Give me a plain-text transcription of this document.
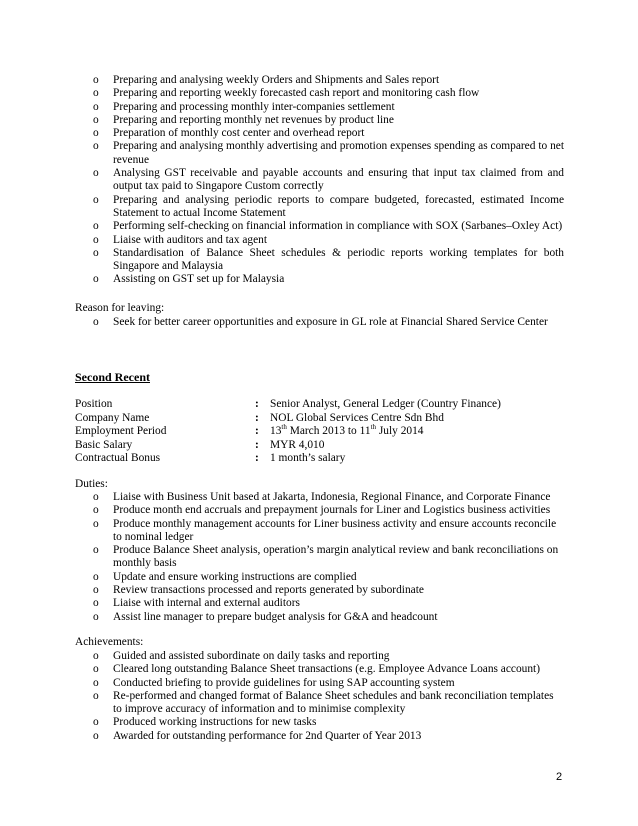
o Preparing and analysing weekly Orders and Shipments and Sales report
o Preparing and reporting weekly forecasted cash report and monitoring cash flow
o Preparing and processing monthly inter-companies settlement
o Preparing and reporting monthly net revenues by product line
o Preparation of monthly cost center and overhead report
o Preparing and analysing monthly advertising and promotion expenses spending as compared to net revenue
o Analysing GST receivable and payable accounts and ensuring that input tax claimed from and output tax paid to Singapore Custom correctly
o Preparing and analysing periodic reports to compare budgeted, forecasted, estimated Income Statement to actual Income Statement
o Performing self-checking on financial information in compliance with SOX (Sarbanes–Oxley Act)
o Liaise with auditors and tax agent
o Standardisation of Balance Sheet schedules & periodic reports working templates for both Singapore and Malaysia
o Assisting on GST set up for Malaysia
Reason for leaving:
o Seek for better career opportunities and exposure in GL role at Financial Shared Service Center
Second Recent
Position	: Senior Analyst, General Ledger (Country Finance)
Company Name	: NOL Global Services Centre Sdn Bhd
Employment Period	: 13th March 2013 to 11th July 2014
Basic Salary	: MYR 4,010
Contractual Bonus	: 1 month’s salary
Duties:
o Liaise with Business Unit based at Jakarta, Indonesia, Regional Finance, and Corporate Finance
o Produce month end accruals and prepayment journals for Liner and Logistics business activities
o Produce monthly management accounts for Liner business activity and ensure accounts reconcile to nominal ledger
o Produce Balance Sheet analysis, operation’s margin analytical review and bank reconciliations on monthly basis
o Update and ensure working instructions are complied
o Review transactions processed and reports generated by subordinate
o Liaise with internal and external auditors
o Assist line manager to prepare budget analysis for G&A and headcount
Achievements:
o Guided and assisted subordinate on daily tasks and reporting
o Cleared long outstanding Balance Sheet transactions (e.g. Employee Advance Loans account)
o Conducted briefing to provide guidelines for using SAP accounting system
o Re-performed and changed format of Balance Sheet schedules and bank reconciliation templates to improve accuracy of information and to minimise complexity
o Produced working instructions for new tasks
o Awarded for outstanding performance for 2nd Quarter of Year 2013
2
